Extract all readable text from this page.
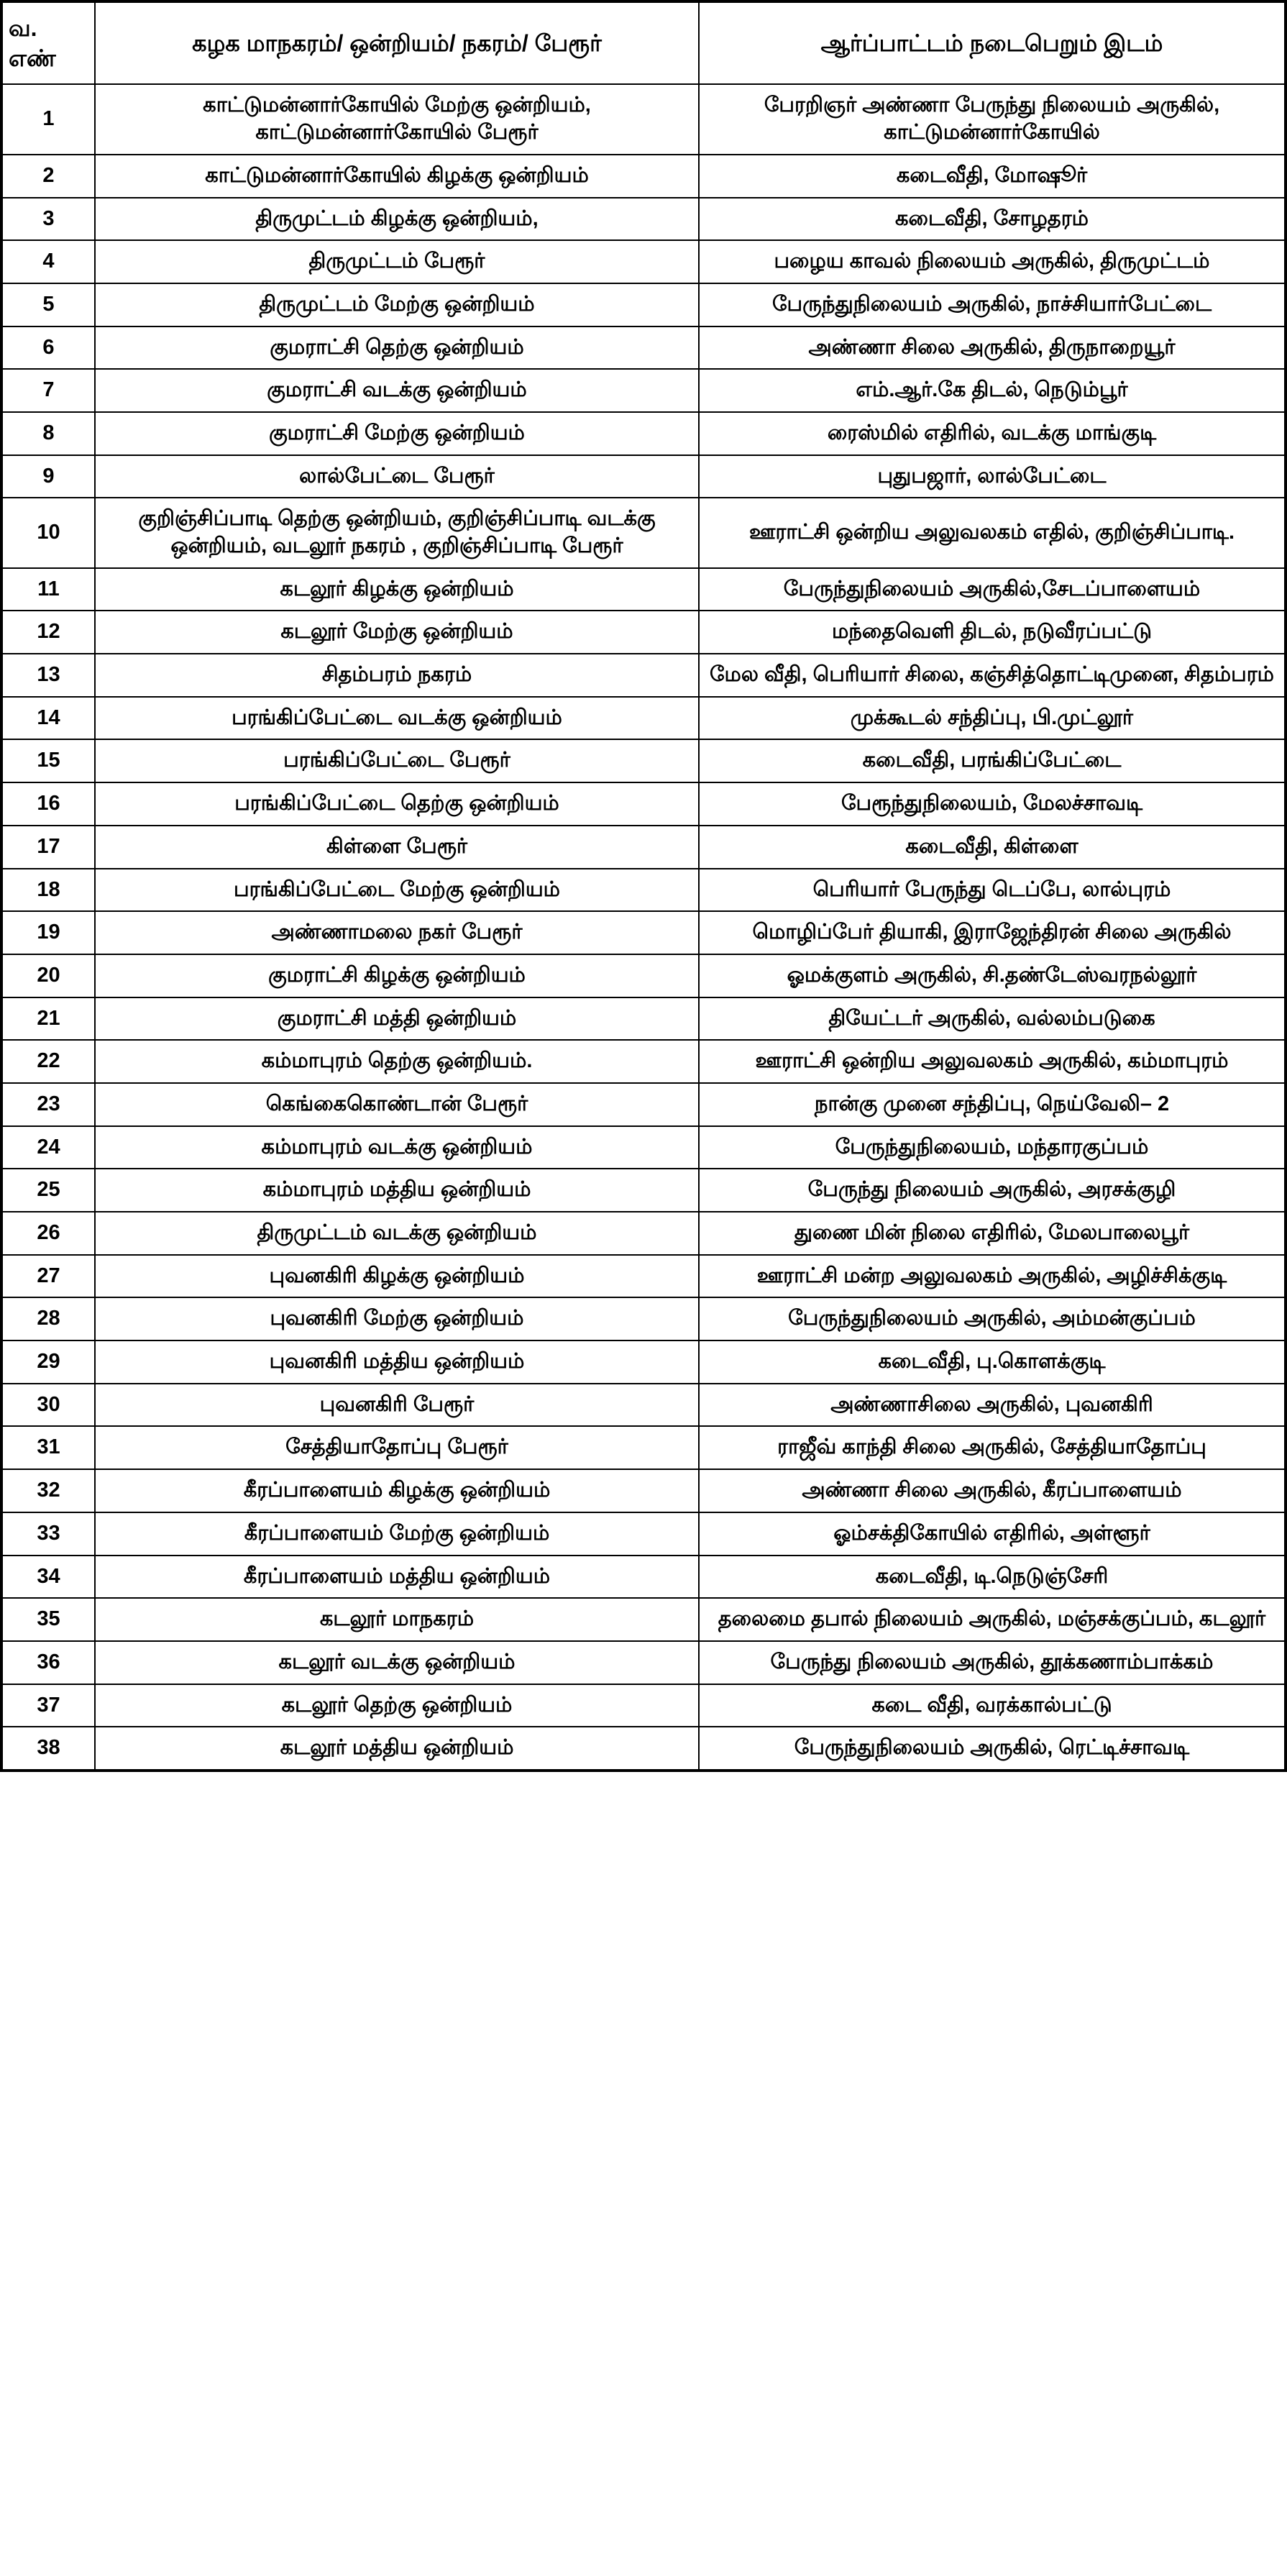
வ. எண்	கழக மாநகரம்/ ஒன்றியம்/ நகரம்/ பேரூர்	ஆர்ப்பாட்டம் நடைபெறும் இடம்
1	காட்டுமன்னார்கோயில் மேற்கு ஒன்றியம், காட்டுமன்னார்கோயில் பேரூர்	பேரறிஞர் அண்ணா பேருந்து நிலையம் அருகில், காட்டுமன்னார்கோயில்
2	காட்டுமன்னார்கோயில் கிழக்கு ஒன்றியம்	கடைவீதி, மோஷூர்
3	திருமுட்டம் கிழக்கு ஒன்றியம்,	கடைவீதி, சோழதரம்
4	திருமுட்டம் பேரூர்	பழைய காவல் நிலையம் அருகில், திருமுட்டம்
5	திருமுட்டம் மேற்கு ஒன்றியம்	பேருந்துநிலையம் அருகில், நாச்சியார்பேட்டை
6	குமராட்சி தெற்கு ஒன்றியம்	அண்ணா சிலை அருகில், திருநாறையூர்
7	குமராட்சி வடக்கு ஒன்றியம்	எம்.ஆர்.கே திடல், நெடும்பூர்
8	குமராட்சி மேற்கு ஒன்றியம்	ரைஸ்மில் எதிரில், வடக்கு மாங்குடி
9	லால்பேட்டை பேரூர்	புதுபஜார், லால்பேட்டை
10	குறிஞ்சிப்பாடி தெற்கு ஒன்றியம், குறிஞ்சிப்பாடி வடக்கு ஒன்றியம், வடலூர் நகரம் , குறிஞ்சிப்பாடி பேரூர்	ஊராட்சி ஒன்றிய அலுவலகம் எதில், குறிஞ்சிப்பாடி.
11	கடலூர் கிழக்கு ஒன்றியம்	பேருந்துநிலையம் அருகில்,சேடப்பாளையம்
12	கடலூர் மேற்கு ஒன்றியம்	மந்தைவெளி திடல், நடுவீரப்பட்டு
13	சிதம்பரம் நகரம்	மேல வீதி, பெரியார் சிலை, கஞ்சித்தொட்டிமுனை, சிதம்பரம்
14	பரங்கிப்பேட்டை வடக்கு ஒன்றியம்	முக்கூடல் சந்திப்பு, பி.முட்லூர்
15	பரங்கிப்பேட்டை பேரூர்	கடைவீதி, பரங்கிப்பேட்டை
16	பரங்கிப்பேட்டை தெற்கு ஒன்றியம்	பேரூந்துநிலையம், மேலச்சாவடி
17	கிள்ளை பேரூர்	கடைவீதி, கிள்ளை
18	பரங்கிப்பேட்டை மேற்கு ஒன்றியம்	பெரியார் பேருந்து டெப்பே, லால்புரம்
19	அண்ணாமலை நகர் பேரூர்	மொழிப்பேர் தியாகி, இராஜேந்திரன் சிலை அருகில்
20	குமராட்சி கிழக்கு ஒன்றியம்	ஓமக்குளம் அருகில், சி.தண்டேஸ்வரநல்லூர்
21	குமராட்சி மத்தி ஒன்றியம்	தியேட்டர் அருகில், வல்லம்படுகை
22	கம்மாபுரம் தெற்கு ஒன்றியம்.	ஊராட்சி ஒன்றிய அலுவலகம் அருகில், கம்மாபுரம்
23	கெங்கைகொண்டான் பேரூர்	நான்கு முனை சந்திப்பு, நெய்வேலி– 2
24	கம்மாபுரம் வடக்கு ஒன்றியம்	பேருந்துநிலையம், மந்தாரகுப்பம்
25	கம்மாபுரம் மத்திய ஒன்றியம்	பேருந்து நிலையம் அருகில், அரசக்குழி
26	திருமுட்டம் வடக்கு ஒன்றியம்	துணை மின் நிலை எதிரில், மேலபாலைபூர்
27	புவனகிரி கிழக்கு ஒன்றியம்	ஊராட்சி மன்ற அலுவலகம் அருகில், அழிச்சிக்குடி
28	புவனகிரி மேற்கு ஒன்றியம்	பேருந்துநிலையம் அருகில், அம்மன்குப்பம்
29	புவனகிரி மத்திய ஒன்றியம்	கடைவீதி, பு.கொளக்குடி
30	புவனகிரி பேரூர்	அண்ணாசிலை அருகில், புவனகிரி
31	சேத்தியாதோப்பு பேரூர்	ராஜீவ் காந்தி சிலை அருகில், சேத்தியாதோப்பு
32	கீரப்பாளையம் கிழக்கு ஒன்றியம்	அண்ணா சிலை அருகில், கீரப்பாளையம்
33	கீரப்பாளையம் மேற்கு ஒன்றியம்	ஓம்சக்திகோயில் எதிரில், அள்ளூர்
34	கீரப்பாளையம் மத்திய ஒன்றியம்	கடைவீதி, டி.நெடுஞ்சேரி
35	கடலூர் மாநகரம்	தலைமை தபால் நிலையம் அருகில், மஞ்சக்குப்பம், கடலூர்
36	கடலூர் வடக்கு ஒன்றியம்	பேருந்து நிலையம் அருகில், தூக்கணாம்பாக்கம்
37	கடலூர் தெற்கு ஒன்றியம்	கடை வீதி, வரக்கால்பட்டு
38	கடலூர் மத்திய ஒன்றியம்	பேருந்துநிலையம் அருகில், ரெட்டிச்சாவடி
